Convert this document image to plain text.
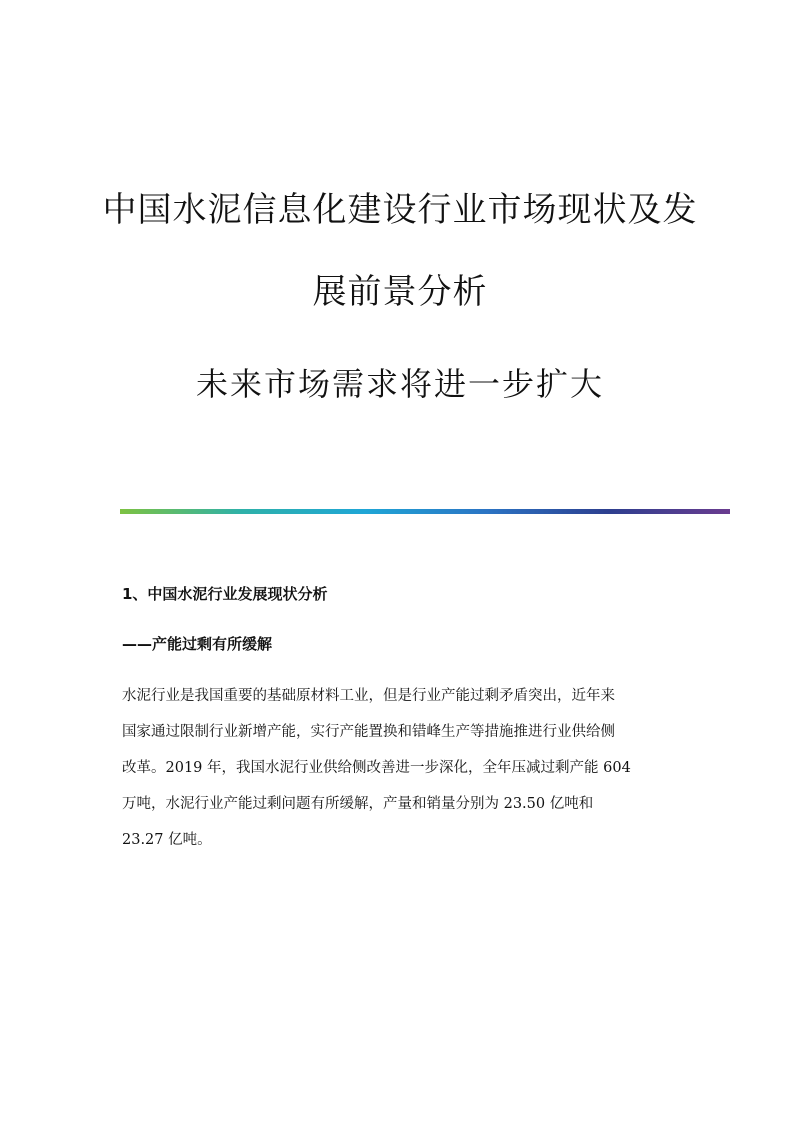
中国水泥信息化建设行业市场现状及发
展前景分析
未来市场需求将进一步扩大
1、中国水泥行业发展现状分析
——产能过剩有所缓解
水泥行业是我国重要的基础原材料工业，但是行业产能过剩矛盾突出，近年来
国家通过限制行业新增产能，实行产能置换和错峰生产等措施推进行业供给侧
改革。2019 年，我国水泥行业供给侧改善进一步深化，全年压减过剩产能 604
万吨，水泥行业产能过剩问题有所缓解，产量和销量分别为 23.50 亿吨和
23.27 亿吨。
